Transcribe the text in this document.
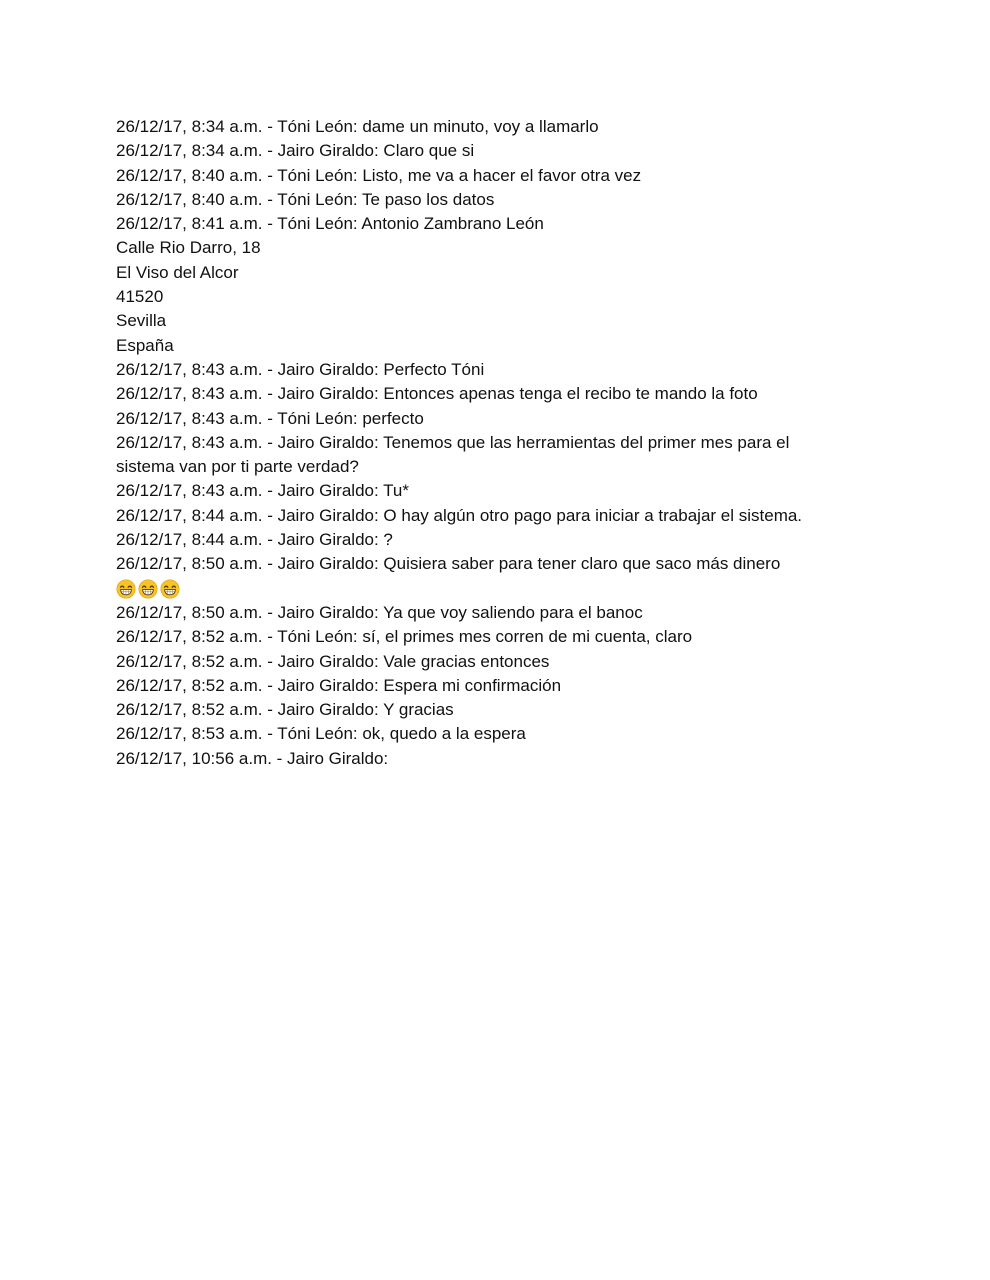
26/12/17, 8:34 a.m. - Tóni León: dame un minuto, voy a llamarlo

26/12/17, 8:34 a.m. - Jairo Giraldo: Claro que si

26/12/17, 8:40 a.m. - Tóni León: Listo, me va a hacer el favor otra vez

26/12/17, 8:40 a.m. - Tóni León: Te paso los datos

26/12/17, 8:41 a.m. - Tóni León: Antonio Zambrano León

Calle Rio Darro, 18

El Viso del Alcor

41520

Sevilla

España

26/12/17, 8:43 a.m. - Jairo Giraldo: Perfecto Tóni

26/12/17, 8:43 a.m. - Jairo Giraldo: Entonces apenas tenga el recibo te mando la foto

26/12/17, 8:43 a.m. - Tóni León: perfecto

26/12/17, 8:43 a.m. - Jairo Giraldo: Tenemos que las herramientas del primer mes para el

sistema van por ti parte verdad?

26/12/17, 8:43 a.m. - Jairo Giraldo: Tu*

26/12/17, 8:44 a.m. - Jairo Giraldo: O hay algún otro pago para iniciar a trabajar el sistema.

26/12/17, 8:44 a.m. - Jairo Giraldo: ?

26/12/17, 8:50 a.m. - Jairo Giraldo: Quisiera saber para tener claro que saco más dinero

26/12/17, 8:50 a.m. - Jairo Giraldo: Ya que voy saliendo para el banoc

26/12/17, 8:52 a.m. - Tóni León: sí, el primes mes corren de mi cuenta, claro

26/12/17, 8:52 a.m. - Jairo Giraldo: Vale gracias entonces

26/12/17, 8:52 a.m. - Jairo Giraldo: Espera mi confirmación

26/12/17, 8:52 a.m. - Jairo Giraldo: Y gracias

26/12/17, 8:53 a.m. - Tóni León: ok, quedo a la espera

26/12/17, 10:56 a.m. - Jairo Giraldo:
